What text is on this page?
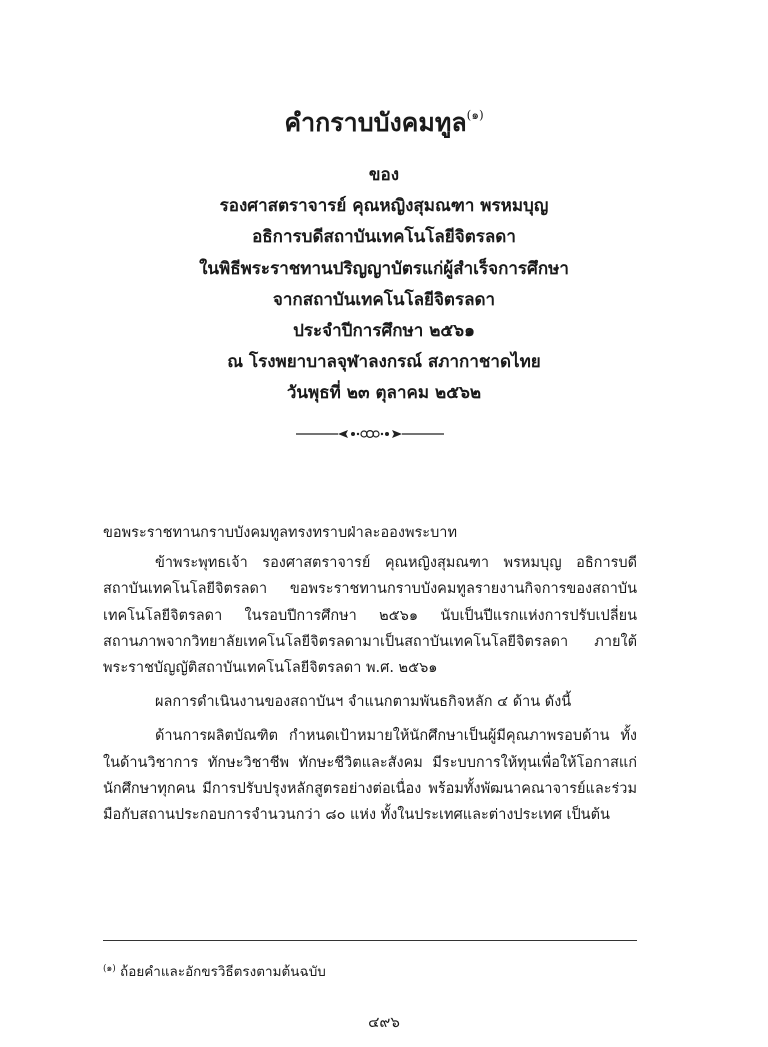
คำกราบบังคมทูล$^{(๑)}$
ของ
รองศาสตราจารย์ คุณหญิงสุมณฑา พรหมบุญ
อธิการบดีสถาบันเทคโนโลยีจิตรลดา
ในพิธีพระราชทานปริญญาบัตรแก่ผู้สำเร็จการศึกษา
จากสถาบันเทคโนโลยีจิตรลดา
ประจำปีการศึกษา ๒๕๖๑
ณ โรงพยาบาลจุฬาลงกรณ์ สภากาชาดไทย
วันพุธที่ ๒๓ ตุลาคม ๒๕๖๒

ขอพระราชทานกราบบังคมทูลทรงทราบฝ่าละอองพระบาท

ข้าพระพุทธเจ้า รองศาสตราจารย์ คุณหญิงสุมณฑา พรหมบุญ อธิการบดีสถาบันเทคโนโลยีจิตรลดา ขอพระราชทานกราบบังคมทูลรายงานกิจการของสถาบันเทคโนโลยีจิตรลดา ในรอบปีการศึกษา ๒๕๖๑ นับเป็นปีแรกแห่งการปรับเปลี่ยนสถานภาพจากวิทยาลัยเทคโนโลยีจิตรลดามาเป็นสถาบันเทคโนโลยีจิตรลดา ภายใต้พระราชบัญญัติสถาบันเทคโนโลยีจิตรลดา พ.ศ. ๒๕๖๑

ผลการดำเนินงานของสถาบันฯ จำแนกตามพันธกิจหลัก ๔ ด้าน ดังนี้

ด้านการผลิตบัณฑิต กำหนดเป้าหมายให้นักศึกษาเป็นผู้มีคุณภาพรอบด้าน ทั้งในด้านวิชาการ ทักษะวิชาชีพ ทักษะชีวิตและสังคม มีระบบการให้ทุนเพื่อให้โอกาสแก่นักศึกษาทุกคน มีการปรับปรุงหลักสูตรอย่างต่อเนื่อง พร้อมทั้งพัฒนาคณาจารย์และร่วมมือกับสถานประกอบการจำนวนกว่า ๘๐ แห่ง ทั้งในประเทศและต่างประเทศ เป็นต้น

$^{(๑)}$ ถ้อยคำและอักขรวิธีตรงตามต้นฉบับ
๔๙๖
